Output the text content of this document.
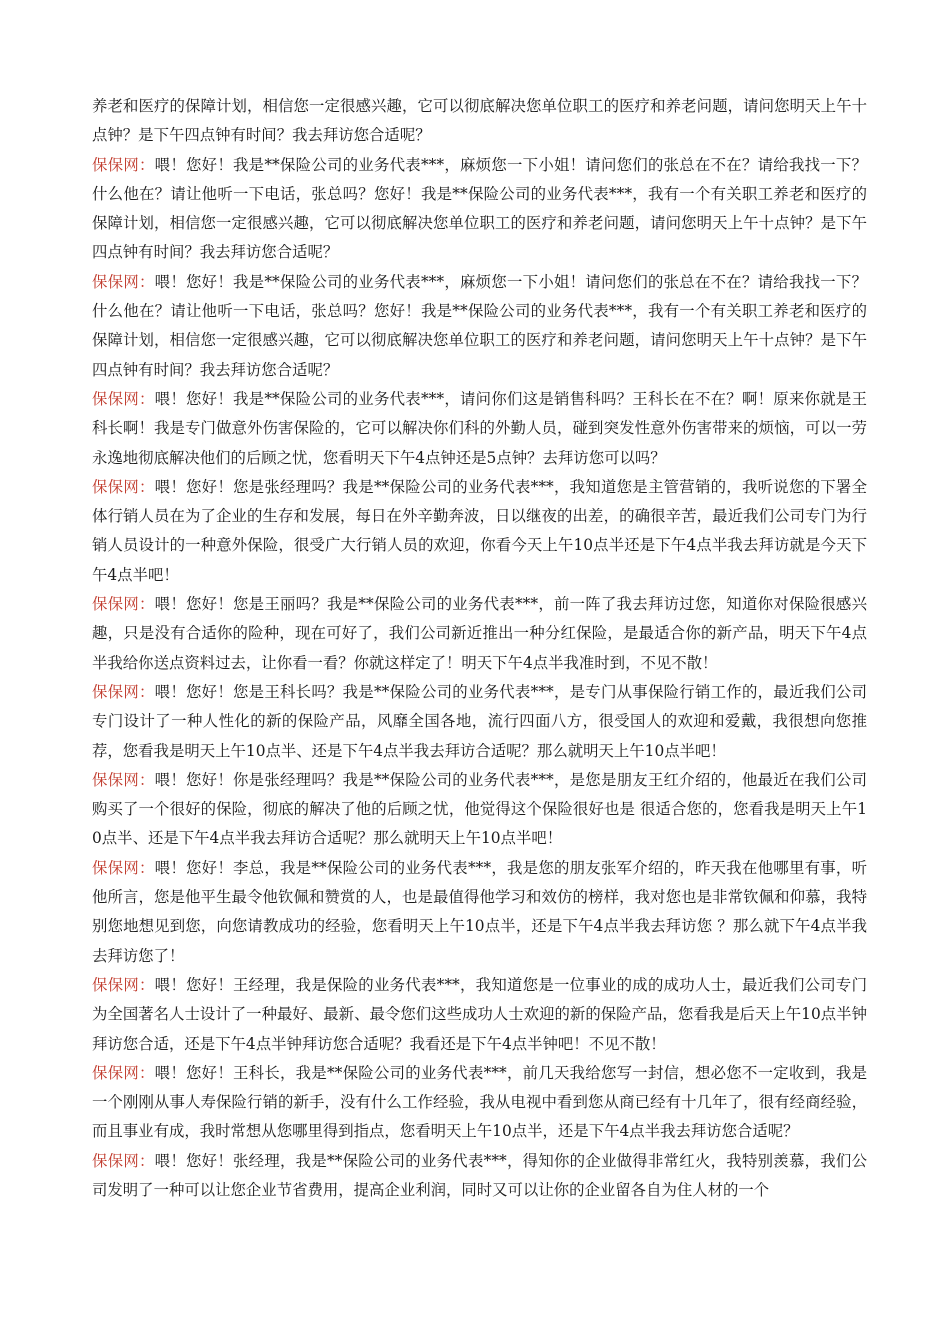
养老和医疗的保障计划，相信您一定很感兴趣，它可以彻底解决您单位职工的医疗和养老问题，请问您明天上午十点钟？是下午四点钟有时间？我去拜访您合适呢？

保保网：喂！您好！我是**保险公司的业务代表***，麻烦您一下小姐！请问您们的张总在不在？请给我找一下？什么他在？请让他听一下电话，张总吗？您好！我是**保险公司的业务代表***，我有一个有关职工养老和医疗的保障计划，相信您一定很感兴趣，它可以彻底解决您单位职工的医疗和养老问题，请问您明天上午十点钟？是下午四点钟有时间？我去拜访您合适呢？

保保网：喂！您好！我是**保险公司的业务代表***，麻烦您一下小姐！请问您们的张总在不在？请给我找一下？什么他在？请让他听一下电话，张总吗？您好！我是**保险公司的业务代表***，我有一个有关职工养老和医疗的保障计划，相信您一定很感兴趣，它可以彻底解决您单位职工的医疗和养老问题，请问您明天上午十点钟？是下午四点钟有时间？我去拜访您合适呢？

保保网：喂！您好！我是**保险公司的业务代表***，请问你们这是销售科吗？王科长在不在？啊！原来你就是王科长啊！我是专门做意外伤害保险的，它可以解决你们科的外勤人员，碰到突发性意外伤害带来的烦恼，可以一劳永逸地彻底解决他们的后顾之忧，您看明天下午4点钟还是5点钟？去拜访您可以吗？

保保网：喂！您好！您是张经理吗？我是**保险公司的业务代表***，我知道您是主管营销的，我听说您的下署全体行销人员在为了企业的生存和发展，每日在外辛勤奔波，日以继夜的出差，的确很辛苦，最近我们公司专门为行销人员设计的一种意外保险，很受广大行销人员的欢迎，你看今天上午10点半还是下午4点半我去拜访就是今天下午4点半吧！

保保网：喂！您好！您是王丽吗？我是**保险公司的业务代表***，前一阵了我去拜访过您，知道你对保险很感兴趣，只是没有合适你的险种，现在可好了，我们公司新近推出一种分红保险，是最适合你的新产品，明天下午4点半我给你送点资料过去，让你看一看？你就这样定了！明天下午4点半我准时到，不见不散！

保保网：喂！您好！您是王科长吗？我是**保险公司的业务代表***，是专门从事保险行销工作的，最近我们公司专门设计了一种人性化的新的保险产品，风靡全国各地，流行四面八方，很受国人的欢迎和爱戴，我很想向您推荐，您看我是明天上午10点半、还是下午4点半我去拜访合适呢？那么就明天上午10点半吧！

保保网：喂！您好！你是张经理吗？我是**保险公司的业务代表***，是您是朋友王红介绍的，他最近在我们公司购买了一个很好的保险，彻底的解决了他的后顾之忧，他觉得这个保险很好也是 很适合您的，您看我是明天上午10点半、还是下午4点半我去拜访合适呢？那么就明天上午10点半吧！

保保网：喂！您好！李总，我是**保险公司的业务代表***，我是您的朋友张军介绍的，昨天我在他哪里有事，听他所言，您是他平生最令他钦佩和赞赏的人，也是最值得他学习和效仿的榜样，我对您也是非常钦佩和仰慕，我特别您地想见到您，向您请教成功的经验，您看明天上午10点半，还是下午4点半我去拜访您 ？那么就下午4点半我去拜访您了！

保保网：喂！您好！王经理，我是保险的业务代表***，我知道您是一位事业的成的成功人士，最近我们公司专门为全国著名人士设计了一种最好、最新、最令您们这些成功人士欢迎的新的保险产品，您看我是后天上午10点半钟拜访您合适，还是下午4点半钟拜访您合适呢？我看还是下午4点半钟吧！不见不散！

保保网：喂！您好！王科长，我是**保险公司的业务代表***，前几天我给您写一封信，想必您不一定收到，我是一个刚刚从事人寿保险行销的新手，没有什么工作经验，我从电视中看到您从商已经有十几年了，很有经商经验，而且事业有成，我时常想从您哪里得到指点，您看明天上午10点半，还是下午4点半我去拜访您合适呢？

保保网：喂！您好！张经理，我是**保险公司的业务代表***，得知你的企业做得非常红火，我特别羡慕，我们公司发明了一种可以让您企业节省费用，提高企业利润，同时又可以让你的企业留各自为住人材的一个
